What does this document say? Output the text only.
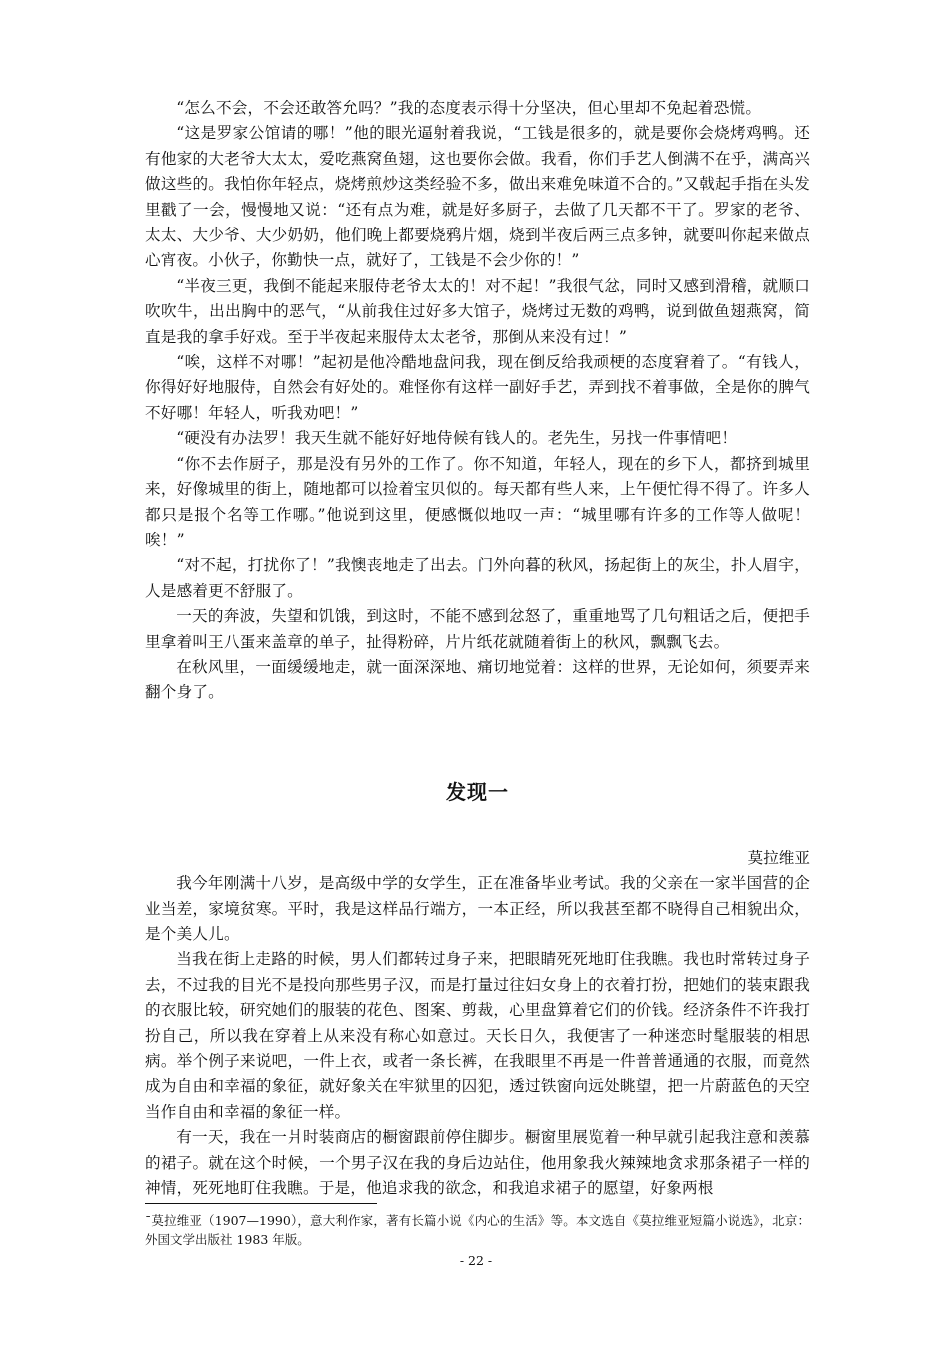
“怎么不会，不会还敢答允吗？”我的态度表示得十分坚决，但心里却不免起着恐慌。

“这是罗家公馆请的哪！”他的眼光逼射着我说，“工钱是很多的，就是要你会烧烤鸡鸭。还有他家的大老爷大太太，爱吃燕窝鱼翅，这也要你会做。我看，你们手艺人倒满不在乎，满高兴做这些的。我怕你年轻点，烧烤煎炒这类经验不多，做出来难免味道不合的。”又戟起手指在头发里戳了一会，慢慢地又说：“还有点为难，就是好多厨子，去做了几天都不干了。罗家的老爷、太太、大少爷、大少奶奶，他们晚上都要烧鸦片烟，烧到半夜后两三点多钟，就要叫你起来做点心宵夜。小伙子，你勤快一点，就好了，工钱是不会少你的！”

“半夜三更，我倒不能起来服侍老爷太太的！对不起！”我很气忿，同时又感到滑稽，就顺口吹吹牛，出出胸中的恶气，“从前我住过好多大馆子，烧烤过无数的鸡鸭，说到做鱼翅燕窝，简直是我的拿手好戏。至于半夜起来服侍太太老爷，那倒从来没有过！”

“唉，这样不对哪！”起初是他冷酷地盘问我，现在倒反给我顽梗的态度窘着了。“有钱人，你得好好地服侍，自然会有好处的。难怪你有这样一副好手艺，弄到找不着事做，全是你的脾气不好哪！年轻人，听我劝吧！”

“硬没有办法罗！我天生就不能好好地侍候有钱人的。老先生，另找一件事情吧！

“你不去作厨子，那是没有另外的工作了。你不知道，年轻人，现在的乡下人，都挤到城里来，好像城里的街上，随地都可以捡着宝贝似的。每天都有些人来，上午便忙得不得了。许多人都只是报个名等工作哪。”他说到这里，便感慨似地叹一声：“城里哪有许多的工作等人做呢！唉！”

“对不起，打扰你了！”我懊丧地走了出去。门外向暮的秋风，扬起街上的灰尘，扑人眉宇，人是感着更不舒服了。

一天的奔波，失望和饥饿，到这时，不能不感到忿怒了，重重地骂了几句粗话之后，便把手里拿着叫王八蛋来盖章的单子，扯得粉碎，片片纸花就随着街上的秋风，飘飘飞去。

在秋风里，一面缓缓地走，就一面深深地、痛切地觉着：这样的世界，无论如何，须要弄来翻个身了。

发现一

莫拉维亚

我今年刚满十八岁，是高级中学的女学生，正在准备毕业考试。我的父亲在一家半国营的企业当差，家境贫寒。平时，我是这样品行端方，一本正经，所以我甚至都不晓得自己相貌出众，是个美人儿。

当我在街上走路的时候，男人们都转过身子来，把眼睛死死地盯住我瞧。我也时常转过身子去，不过我的目光不是投向那些男子汉，而是打量过往妇女身上的衣着打扮，把她们的装束跟我的衣服比较，研究她们的服装的花色、图案、剪裁，心里盘算着它们的价钱。经济条件不许我打扮自己，所以我在穿着上从来没有称心如意过。天长日久，我便害了一种迷恋时髦服装的相思病。举个例子来说吧，一件上衣，或者一条长裤，在我眼里不再是一件普普通通的衣服，而竟然成为自由和幸福的象征，就好象关在牢狱里的囚犯，透过铁窗向远处眺望，把一片蔚蓝色的天空当作自由和幸福的象征一样。

有一天，我在一爿时装商店的橱窗跟前停住脚步。橱窗里展览着一种早就引起我注意和羡慕的裙子。就在这个时候，一个男子汉在我的身后边站住，他用象我火辣辣地贪求那条裙子一样的神情，死死地盯住我瞧。于是，他追求我的欲念，和我追求裙子的愿望，好象两根

¯莫拉维亚（1907—1990），意大利作家，著有长篇小说《内心的生活》等。本文选自《莫拉维亚短篇小说选》，北京：外国文学出版社 1983 年版。

- 22 -
